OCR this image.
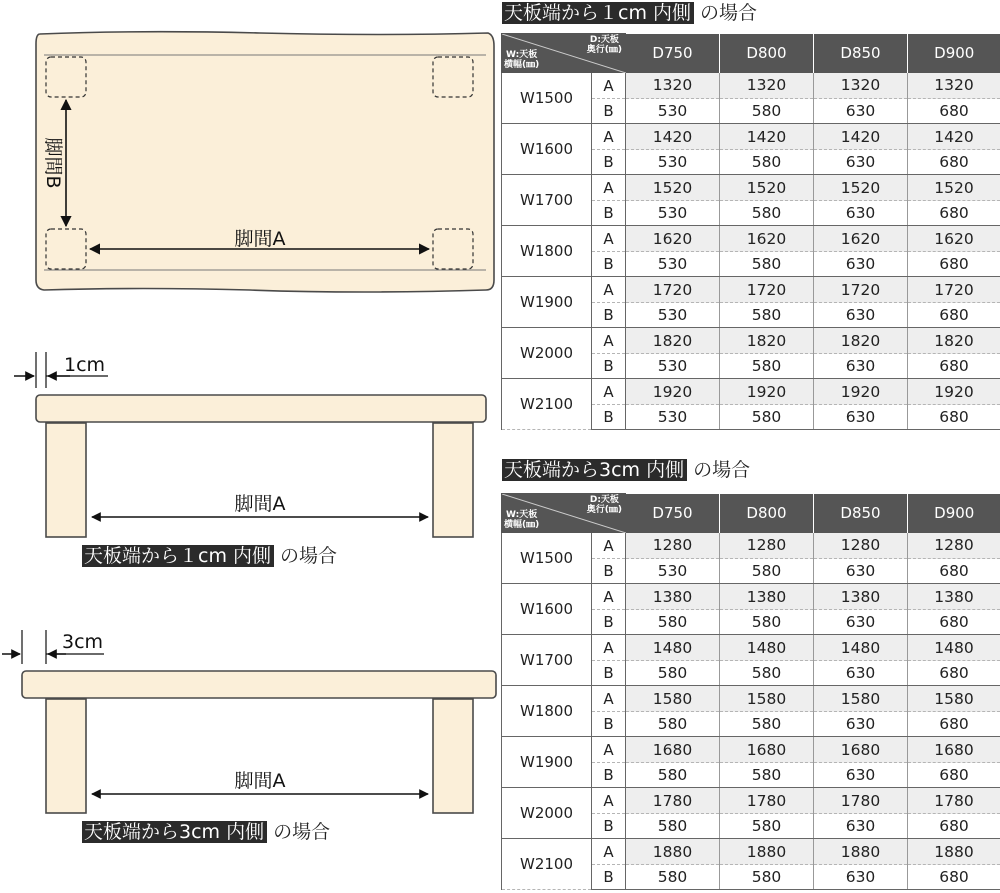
脚間B
脚間A
1cm
脚間A
3cm
脚間A
天板端から１cm 内側 の場合
天板端から3cm 内側 の場合
天板端から１cm 内側 の場合
D:天板
奥行(㎜)
W:天板
横幅(㎜)		D750	D800	D850	D900
W1500	A	1320	1320	1320	1320
	B	530	580	630	680
W1600	A	1420	1420	1420	1420
	B	530	580	630	680
W1700	A	1520	1520	1520	1520
	B	530	580	630	680
W1800	A	1620	1620	1620	1620
	B	530	580	630	680
W1900	A	1720	1720	1720	1720
	B	530	580	630	680
W2000	A	1820	1820	1820	1820
	B	530	580	630	680
W2100	A	1920	1920	1920	1920
	B	530	580	630	680
天板端から3cm 内側 の場合
D:天板
奥行(㎜)
W:天板
横幅(㎜)		D750	D800	D850	D900
W1500	A	1280	1280	1280	1280
	B	530	580	630	680
W1600	A	1380	1380	1380	1380
	B	580	580	630	680
W1700	A	1480	1480	1480	1480
	B	580	580	630	680
W1800	A	1580	1580	1580	1580
	B	580	580	630	680
W1900	A	1680	1680	1680	1680
	B	580	580	630	680
W2000	A	1780	1780	1780	1780
	B	580	580	630	680
W2100	A	1880	1880	1880	1880
	B	580	580	630	680
